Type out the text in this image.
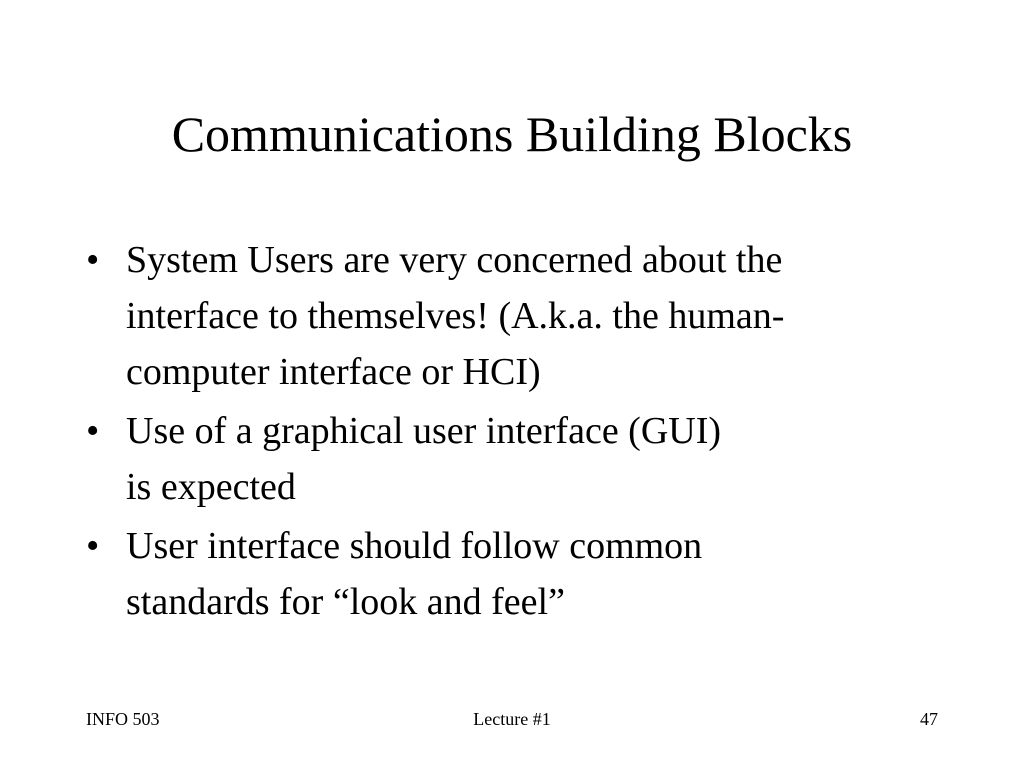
Communications Building Blocks
• System Users are very concerned about the
interface to themselves! (A.k.a. the human-
computer interface or HCI)
• Use of a graphical user interface (GUI)
is expected
• User interface should follow common
standards for “look and feel”
INFO 503	Lecture #1	47
